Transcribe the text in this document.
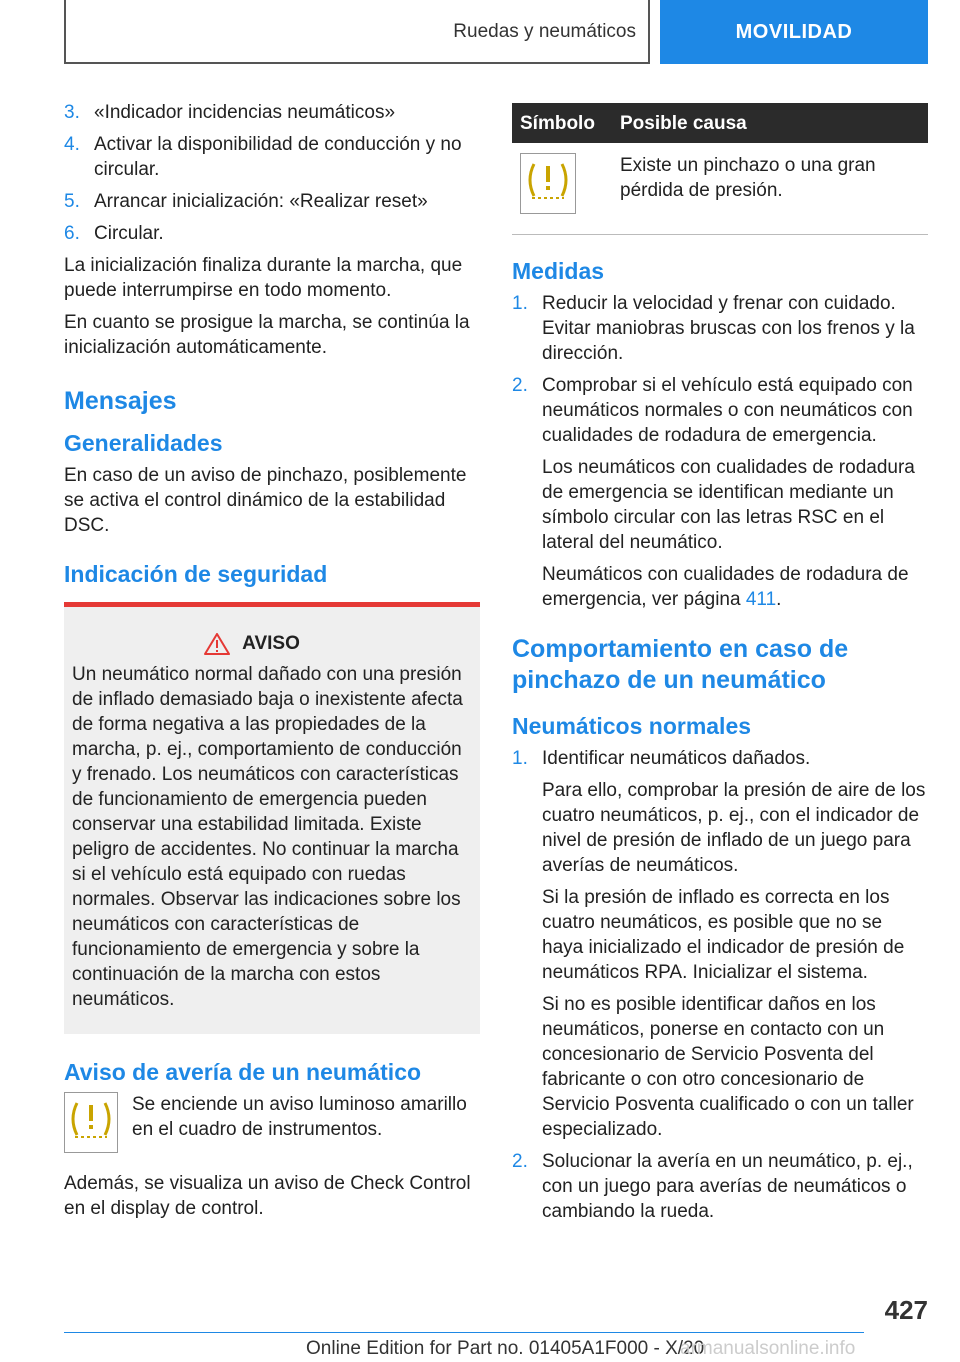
Ruedas y neumáticos	MOVILIDAD
3. «Indicador incidencias neumáticos»
4. Activar la disponibilidad de conducción y no circular.
5. Arrancar inicialización: «Realizar reset»
6. Circular.

La inicialización finaliza durante la marcha, que puede interrumpirse en todo momento.

En cuanto se prosigue la marcha, se continúa la inicialización automáticamente.

Mensajes
Generalidades

En caso de un aviso de pinchazo, posiblemente se activa el control dinámico de la estabilidad DSC.

Indicación de seguridad
AVISO

Un neumático normal dañado con una presión de inflado demasiado baja o inexistente afecta de forma negativa a las propiedades de la marcha, p. ej., comportamiento de conducción y frenado. Los neumáticos con características de funcionamiento de emergencia pueden conservar una estabilidad limitada. Existe peligro de accidentes. No continuar la marcha si el vehículo está equipado con ruedas normales. Observar las indicaciones sobre los neumáticos con características de funcionamiento de emergencia y sobre la continuación de la marcha con estos neumáticos.

Aviso de avería de un neumático
Se enciende un aviso luminoso amarillo en el cuadro de instrumentos.

Además, se visualiza un aviso de Check Control en el display de control.

Símbolo	Posible causa
	Existe un pinchazo o una gran pérdida de presión.
Medidas
1. Reducir la velocidad y frenar con cuidado. Evitar maniobras bruscas con los frenos y la dirección.
2. Comprobar si el vehículo está equipado con neumáticos normales o con neumáticos con cualidades de rodadura de emergencia.

Los neumáticos con cualidades de rodadura de emergencia se identifican mediante un símbolo circular con las letras RSC en el lateral del neumático.

Neumáticos con cualidades de rodadura de emergencia, ver página 411.

Comportamiento en caso de pinchazo de un neumático
Neumáticos normales
1. Identificar neumáticos dañados.

Para ello, comprobar la presión de aire de los cuatro neumáticos, p. ej., con el indicador de nivel de presión de inflado de un juego para averías de neumáticos.

Si la presión de inflado es correcta en los cuatro neumáticos, es posible que no se haya inicializado el indicador de presión de neumáticos RPA. Inicializar el sistema.

Si no es posible identificar daños en los neumáticos, ponerse en contacto con un concesionario de Servicio Posventa del fabricante o con otro concesionario de Servicio Posventa cualificado o con un taller especializado.

2. Solucionar la avería en un neumático, p. ej., con un juego para averías de neumáticos o cambiando la rueda.
427
Online Edition for Part no. 01405A1F000 - X/20
armanualsonline.info
